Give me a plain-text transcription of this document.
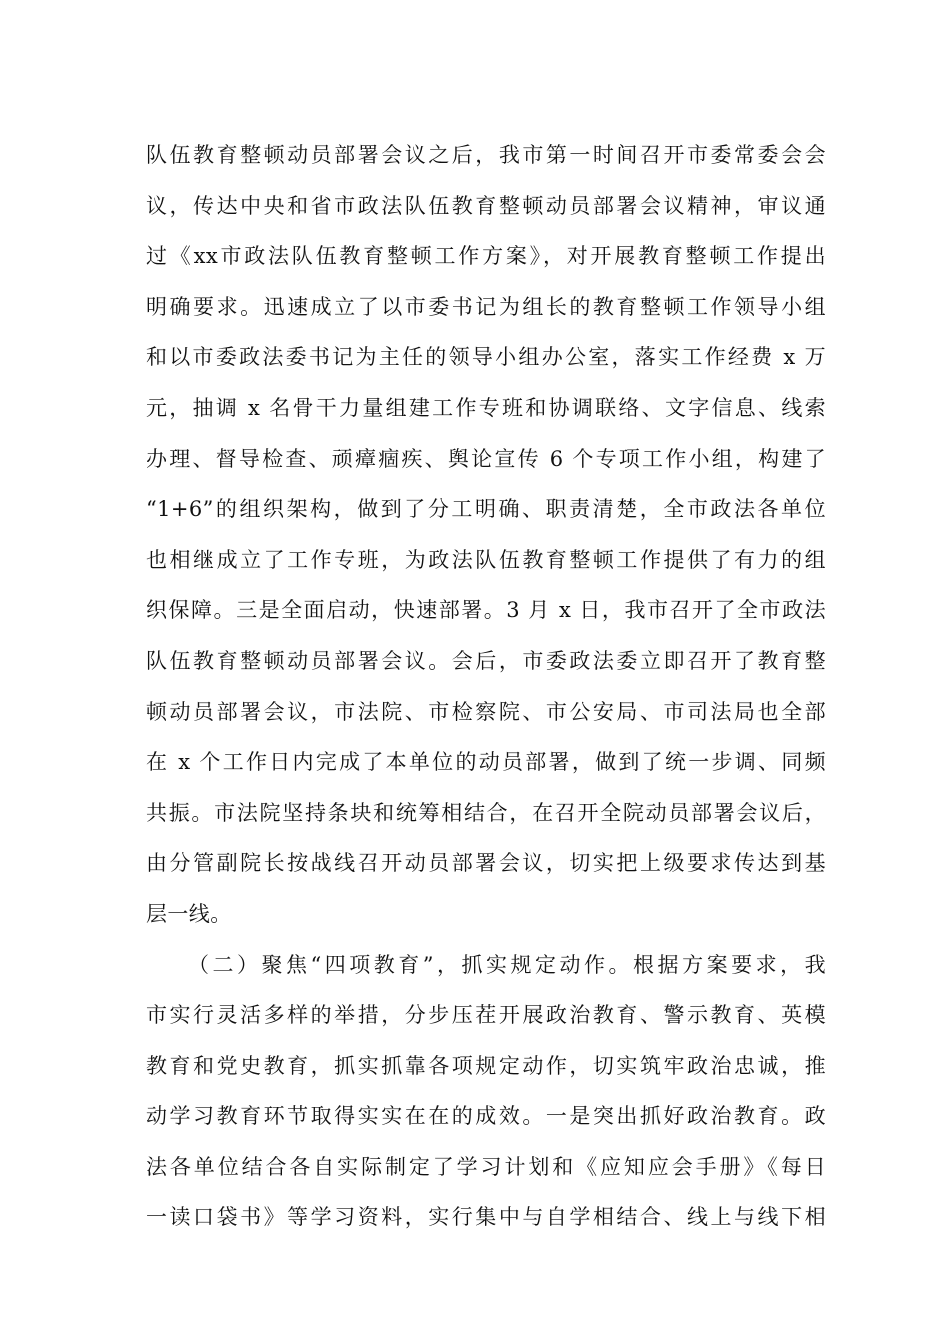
队伍教育整顿动员部署会议之后，我市第一时间召开市委常委会会
议，传达中央和省市政法队伍教育整顿动员部署会议精神，审议通
过《xx市政法队伍教育整顿工作方案》，对开展教育整顿工作提出
明确要求。迅速成立了以市委书记为组长的教育整顿工作领导小组
和以市委政法委书记为主任的领导小组办公室，落实工作经费 x 万
元，抽调 x 名骨干力量组建工作专班和协调联络、文字信息、线索
办理、督导检查、顽瘴痼疾、舆论宣传 6 个专项工作小组，构建了
“1+6”的组织架构，做到了分工明确、职责清楚，全市政法各单位
也相继成立了工作专班，为政法队伍教育整顿工作提供了有力的组
织保障。三是全面启动，快速部署。3 月 x 日，我市召开了全市政法
队伍教育整顿动员部署会议。会后，市委政法委立即召开了教育整
顿动员部署会议，市法院、市检察院、市公安局、市司法局也全部
在 x 个工作日内完成了本单位的动员部署，做到了统一步调、同频
共振。市法院坚持条块和统筹相结合，在召开全院动员部署会议后，
由分管副院长按战线召开动员部署会议，切实把上级要求传达到基
层一线。
（二）聚焦“四项教育”，抓实规定动作。根据方案要求，我
市实行灵活多样的举措，分步压茬开展政治教育、警示教育、英模
教育和党史教育，抓实抓靠各项规定动作，切实筑牢政治忠诚，推
动学习教育环节取得实实在在的成效。一是突出抓好政治教育。政
法各单位结合各自实际制定了学习计划和《应知应会手册》《每日
一读口袋书》等学习资料，实行集中与自学相结合、线上与线下相
